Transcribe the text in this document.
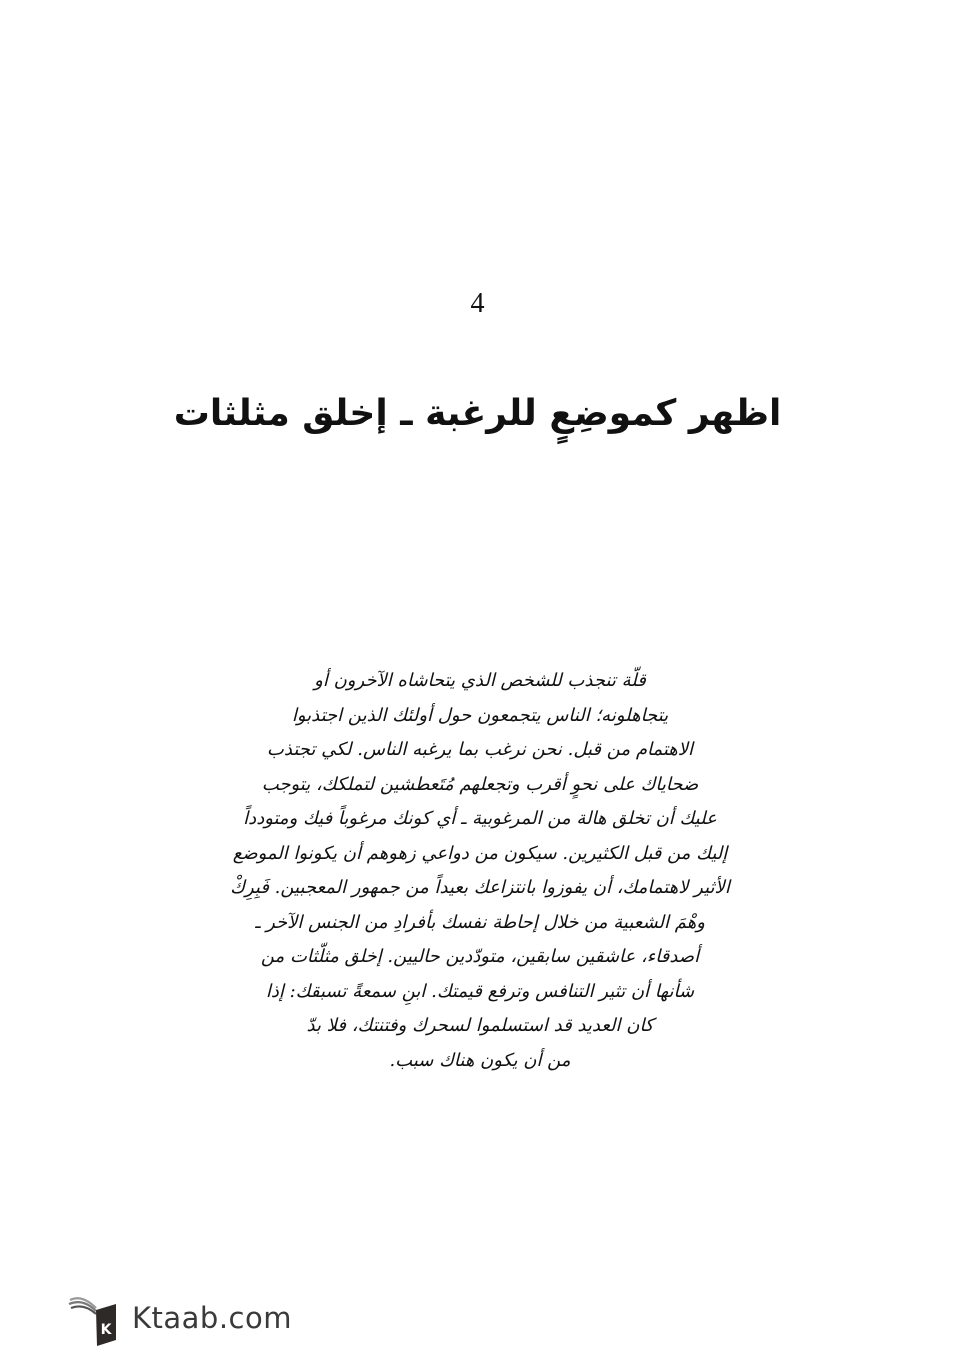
4
اظهر كموضِعٍ للرغبة ـ إخلق مثلثات
قلّة تنجذب للشخص الذي يتحاشاه الآخرون أو
يتجاهلونه؛ الناس يتجمعون حول أولئك الذين اجتذبوا
الاهتمام من قبل. نحن نرغب بما يرغبه الناس. لكي تجتذب
ضحاياك على نحوٍ أقرب وتجعلهم مُتَعطشين لتملكك، يتوجب
عليك أن تخلق هالة من المرغوبية ـ أي كونك مرغوباً فيك ومتودداً
إليك من قبل الكثيرين. سيكون من دواعي زهوهم أن يكونوا الموضع
الأثير لاهتمامك، أن يفوزوا بانتزاعك بعيداً من جمهور المعجبين. فَبِرِكْ
وهْمَ الشعبية من خلال إحاطة نفسك بأفرادِ من الجنس الآخر ـ
أصدقاء، عاشقين سابقين، متودّدين حاليين. إخلق مثلّثات من
شأنها أن تثير التنافس وترفع قيمتك. ابنِ سمعةً تسبقك: إذا
كان العديد قد استسلموا لسحرك وفتنتك، فلا بدّ
من أن يكون هناك سبب.
K Ktaab.com
